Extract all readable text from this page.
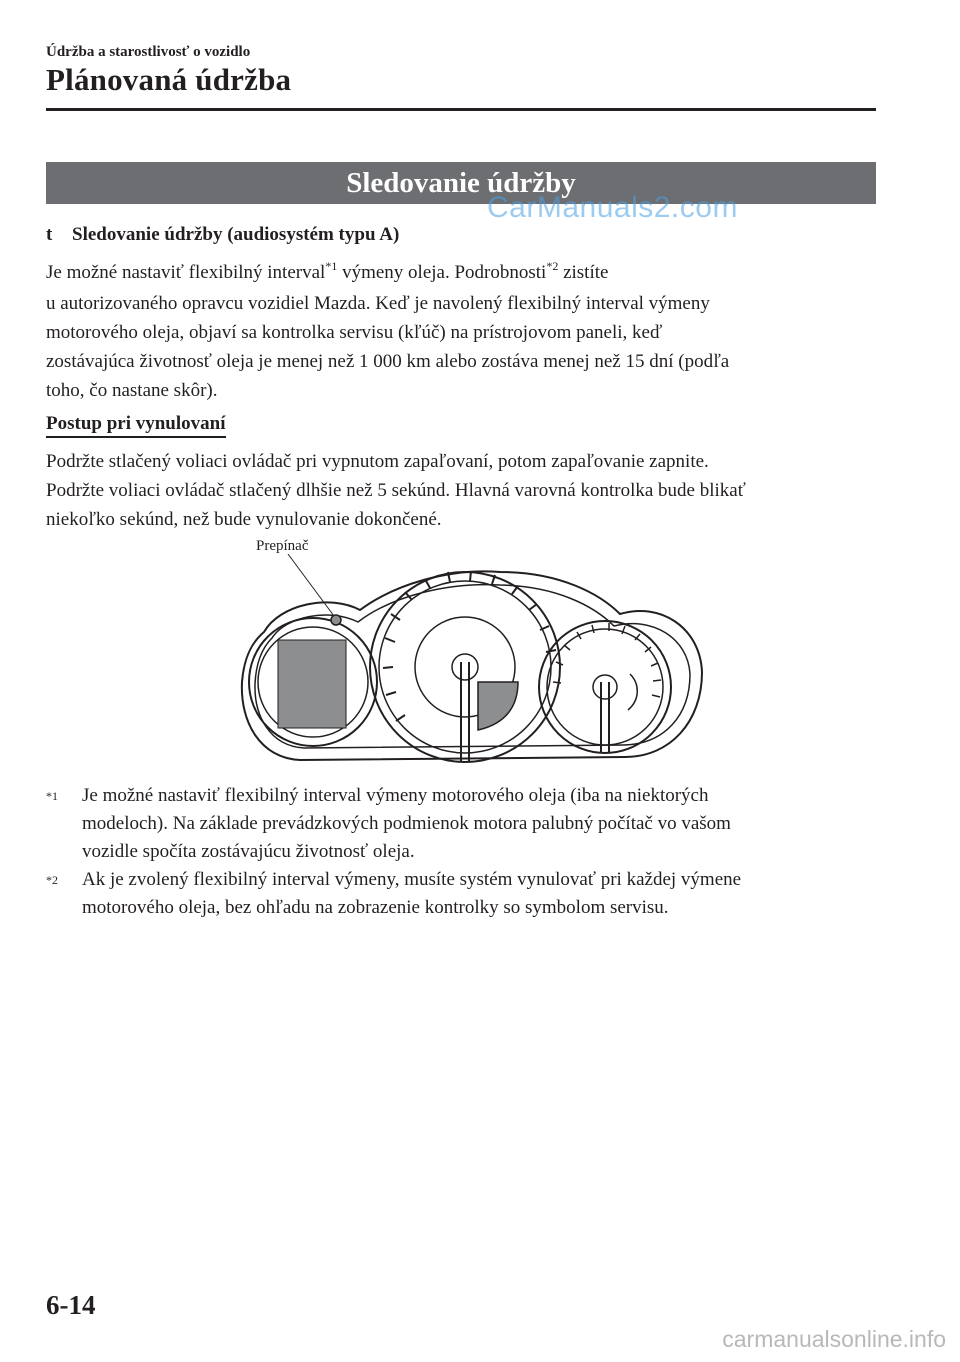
Údržba a starostlivosť o vozidlo
Plánovaná údržba
Sledovanie údržby
CarManuals2.com
t Sledovanie údržby (audiosystém typu A)
Je možné nastaviť flexibilný interval$^{*1}$ výmeny oleja. Podrobnosti$^{*2}$ zistíte
u autorizovaného opravcu vozidiel Mazda. Keď je navolený flexibilný interval výmeny
motorového oleja, objaví sa kontrolka servisu (kľúč) na prístrojovom paneli, keď
zostávajúca životnosť oleja je menej než 1 000 km alebo zostáva menej než 15 dní (podľa
toho, čo nastane skôr).
Postup pri vynulovaní
Podržte stlačený voliaci ovládač pri vypnutom zapaľovaní, potom zapaľovanie zapnite.
Podržte voliaci ovládač stlačený dlhšie než 5 sekúnd. Hlavná varovná kontrolka bude blikať
niekoľko sekúnd, než bude vynulovanie dokončené.
Prepínač
*1 Je možné nastaviť flexibilný interval výmeny motorového oleja (iba na niektorých
modeloch). Na základe prevádzkových podmienok motora palubný počítač vo vašom
vozidle spočíta zostávajúcu životnosť oleja.
*2 Ak je zvolený flexibilný interval výmeny, musíte systém vynulovať pri každej výmene
motorového oleja, bez ohľadu na zobrazenie kontrolky so symbolom servisu.
6-14
carmanualsonline.info
